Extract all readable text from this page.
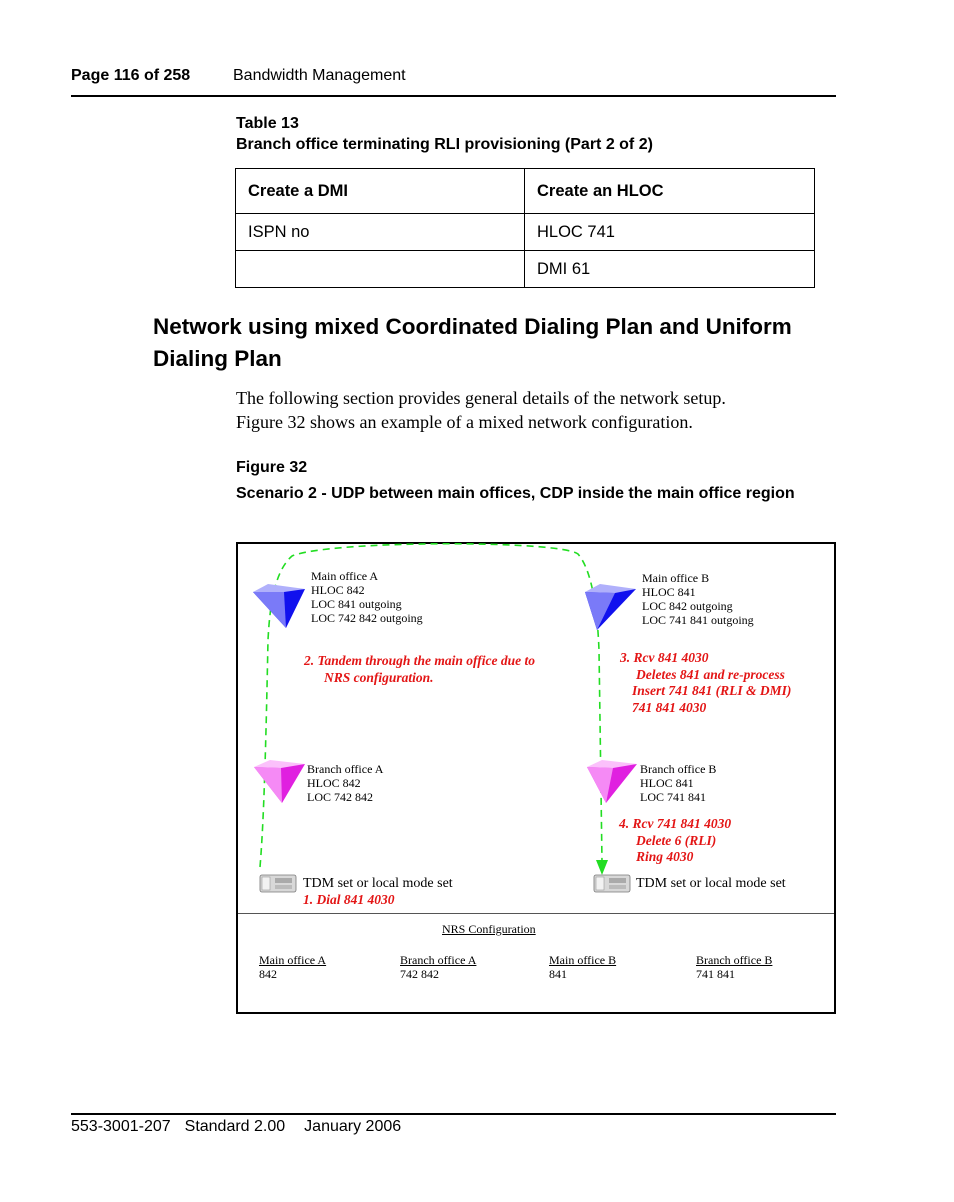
Page 116 of 258	Bandwidth Management
Table 13
Branch office terminating RLI provisioning (Part 2 of 2)
Create a DMI	Create an HLOC
ISPN no	HLOC 741
	DMI 61
Network using mixed Coordinated Dialing Plan and Uniform Dialing Plan
The following section provides general details of the network setup.
Figure 32 shows an example of a mixed network configuration.
Figure 32
Scenario 2 - UDP between main offices, CDP inside the main office region
Main office A
HLOC 842
LOC 841 outgoing
LOC 742 842 outgoing
Main office B
HLOC 841
LOC 842 outgoing
LOC 741 841 outgoing
Branch office A
HLOC 842
LOC 742 842
Branch office B
HLOC 841
LOC 741 841
2. Tandem through the main office due to
NRS configuration.
3. Rcv 841 4030
Deletes 841 and re-process
Insert 741 841 (RLI & DMI)
741 841 4030
4. Rcv 741 841 4030
Delete 6 (RLI)
Ring 4030
TDM set or local mode set
1. Dial 841 4030
TDM set or local mode set
NRS Configuration
Main office A
842
Branch office A
742 842
Main office B
841
Branch office B
741 841
553-3001-207 Standard 2.00 January 2006
